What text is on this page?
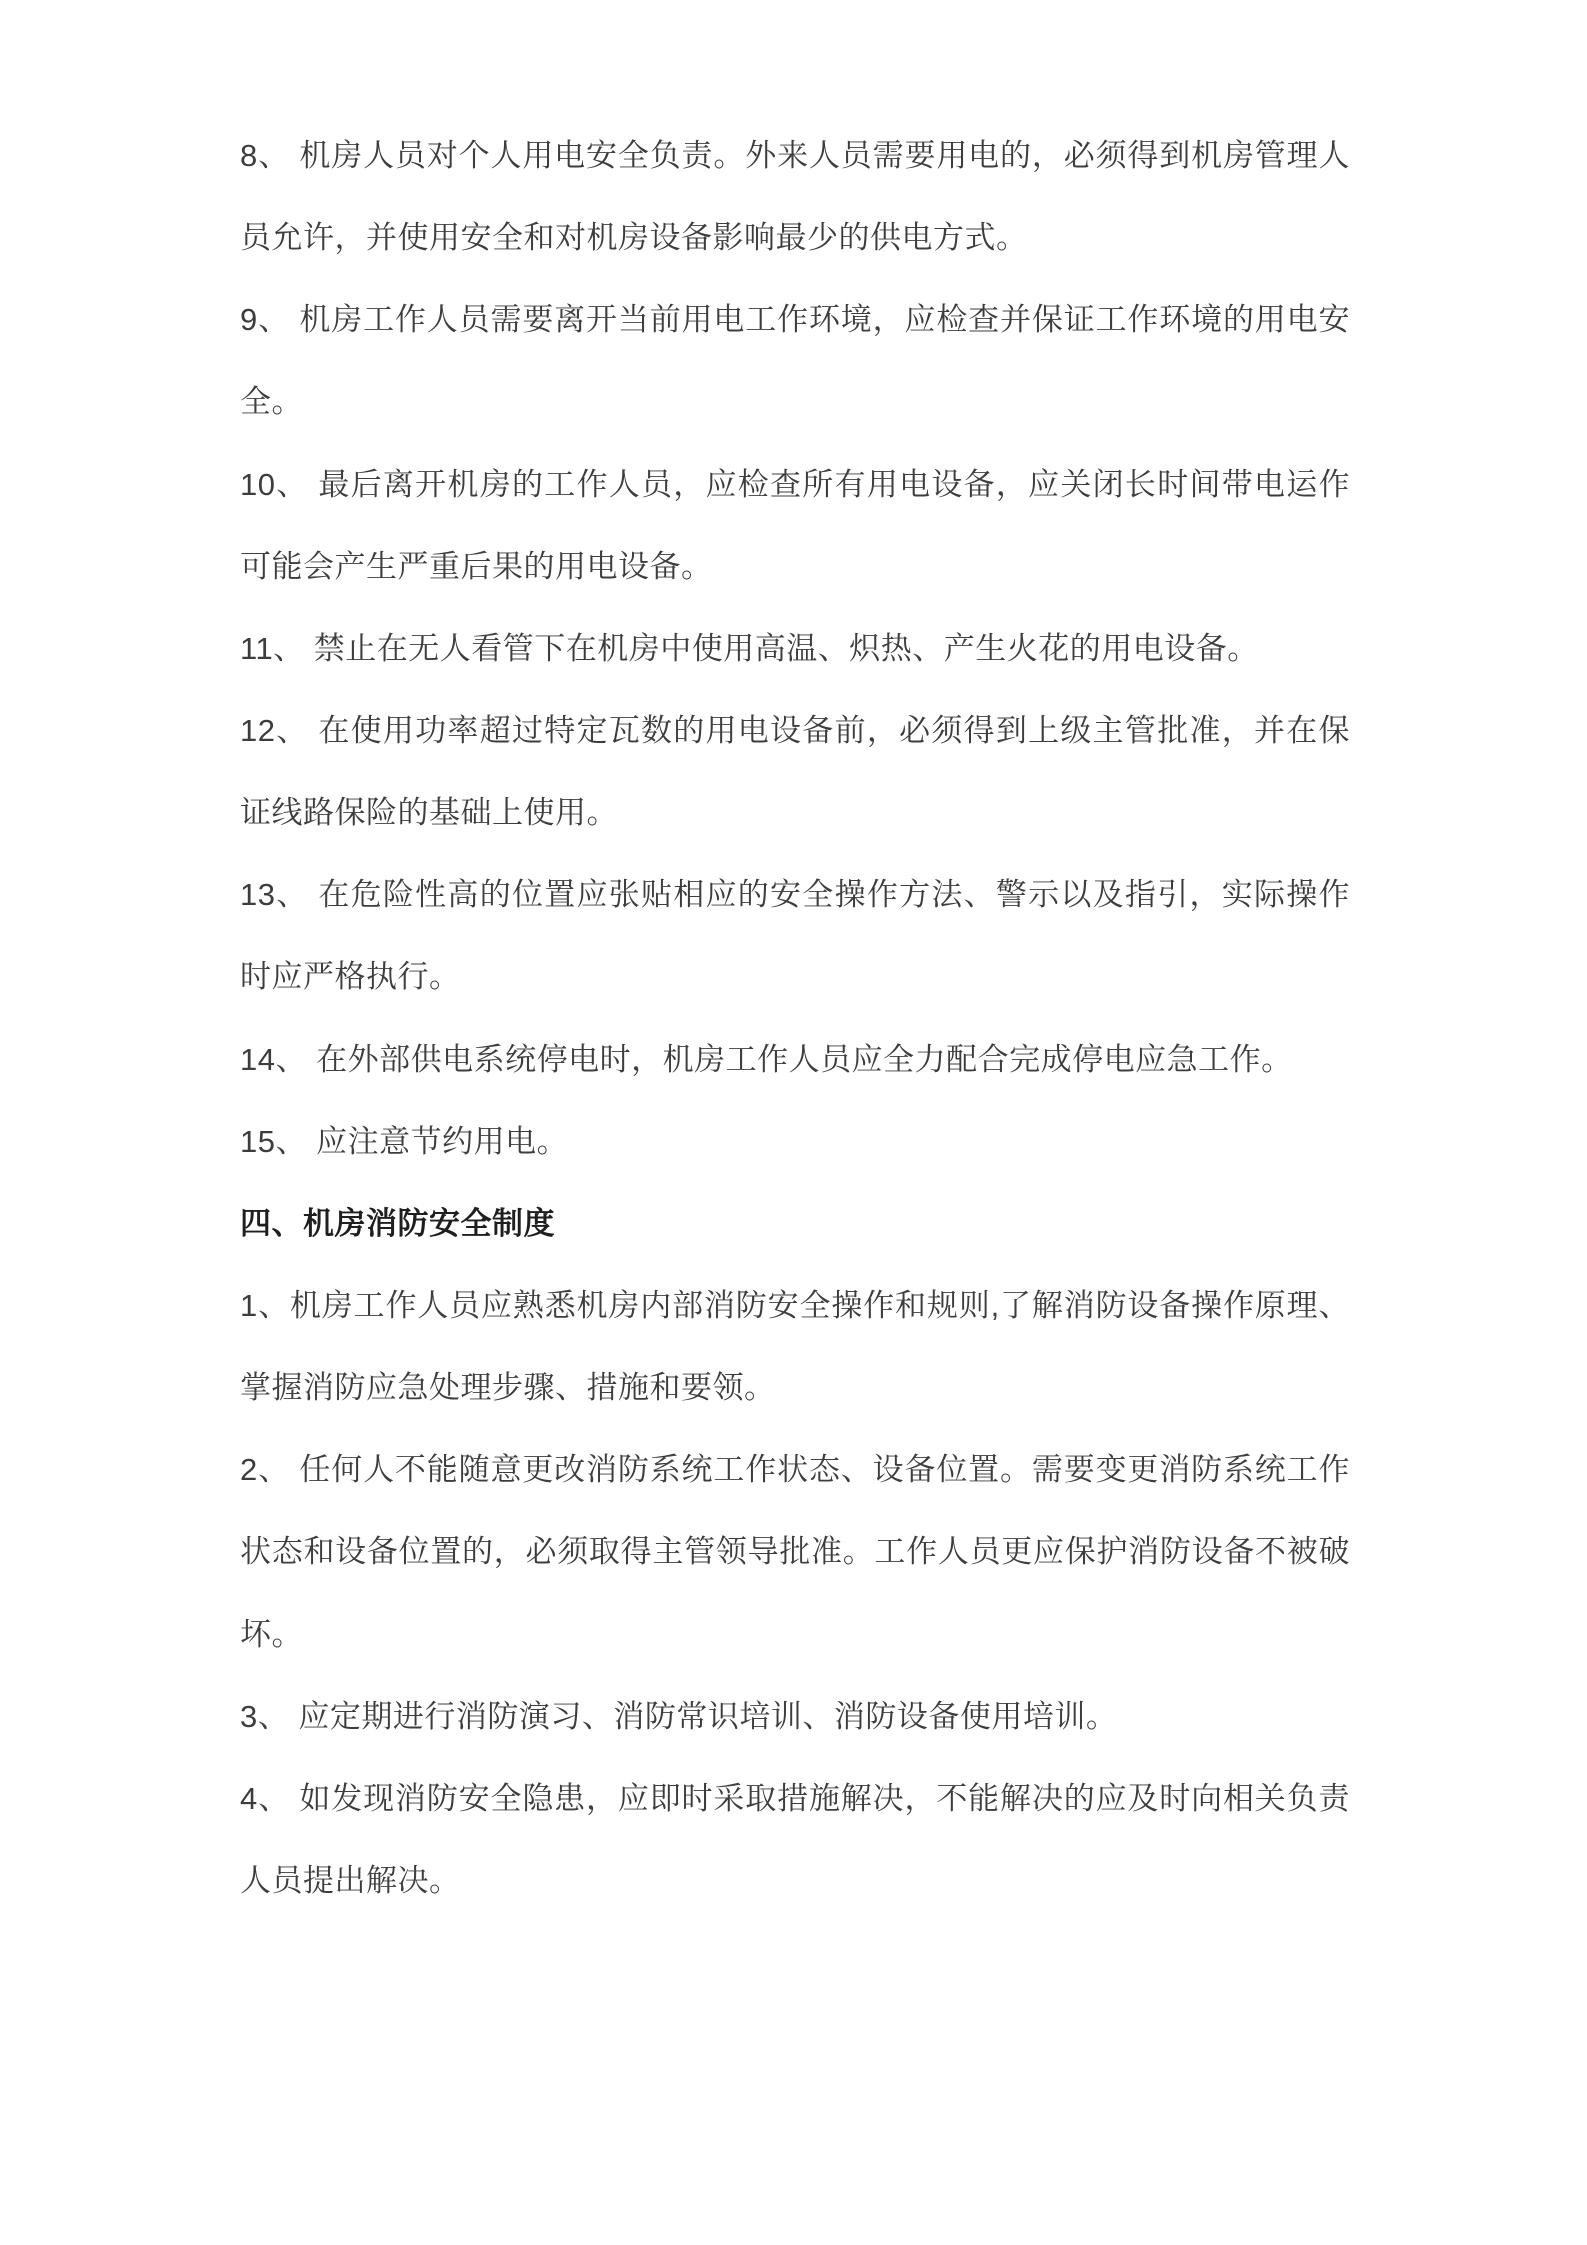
8、 机房人员对个人用电安全负责。外来人员需要用电的，必须得到机房管理人员允许，并使用安全和对机房设备影响最少的供电方式。

9、 机房工作人员需要离开当前用电工作环境，应检查并保证工作环境的用电安全。

10、 最后离开机房的工作人员，应检查所有用电设备，应关闭长时间带电运作可能会产生严重后果的用电设备。

11、 禁止在无人看管下在机房中使用高温、炽热、产生火花的用电设备。

12、 在使用功率超过特定瓦数的用电设备前，必须得到上级主管批准，并在保证线路保险的基础上使用。

13、 在危险性高的位置应张贴相应的安全操作方法、警示以及指引，实际操作时应严格执行。

14、 在外部供电系统停电时，机房工作人员应全力配合完成停电应急工作。

15、 应注意节约用电。

四、机房消防安全制度

1、机房工作人员应熟悉机房内部消防安全操作和规则,了解消防设备操作原理、掌握消防应急处理步骤、措施和要领。

2、 任何人不能随意更改消防系统工作状态、设备位置。需要变更消防系统工作状态和设备位置的，必须取得主管领导批准。工作人员更应保护消防设备不被破坏。

3、 应定期进行消防演习、消防常识培训、消防设备使用培训。

4、 如发现消防安全隐患，应即时采取措施解决，不能解决的应及时向相关负责人员提出解决。
